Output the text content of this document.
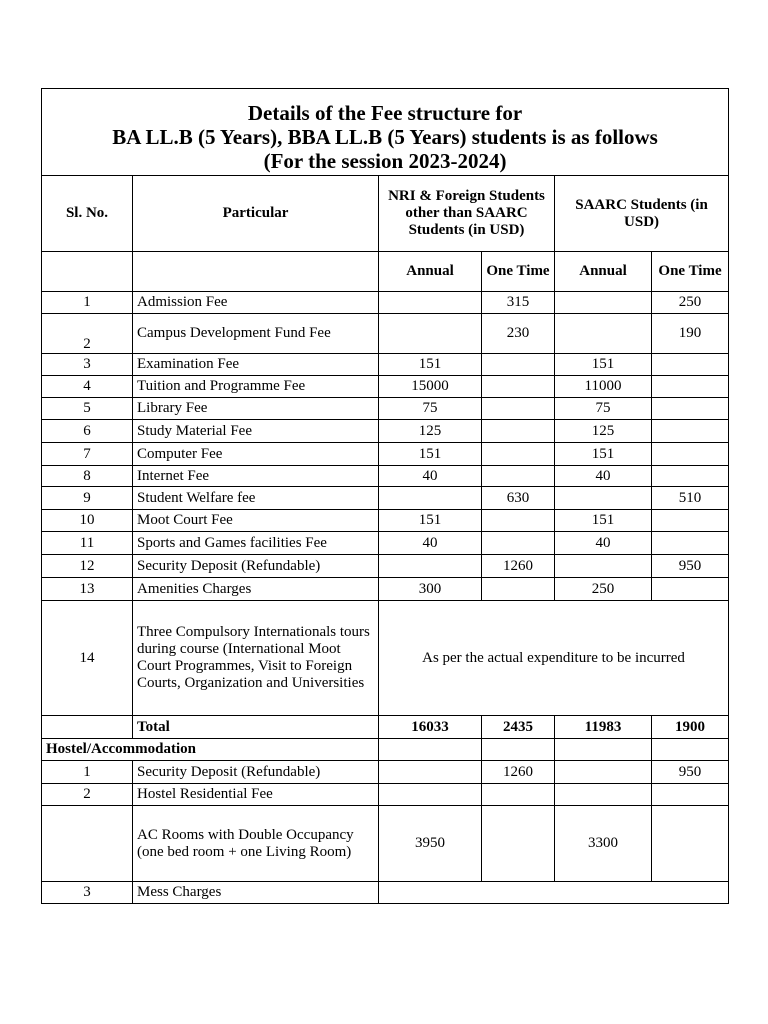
Details of the Fee structure for
BA LL.B (5 Years), BBA LL.B (5 Years) students is as follows
(For the session 2023-2024)					

Sl. No.	Particular	NRI & Foreign Students other than SAARC Students (in USD)		SAARC Students (in USD)	
		Annual	One Time	Annual	One Time
1	Admission Fee		315		250
2	Campus Development Fund Fee		230		190
3	Examination Fee	151		151	
4	Tuition and Programme Fee	15000		11000	
5	Library Fee	75		75	
6	Study Material Fee	125		125	
7	Computer Fee	151		151	
8	Internet Fee	40		40	
9	Student Welfare fee		630		510
10	Moot Court Fee	151		151	
11	Sports and Games facilities Fee	40		40	
12	Security Deposit (Refundable)		1260		950
13	Amenities Charges	300		250	
14	Three Compulsory Internationals tours during course (International Moot Court Programmes, Visit to Foreign Courts, Organization and Universities	As per the actual expenditure to be incurred			
	Total	16033	2435	11983	1900
Hostel/Accommodation					
1	Security Deposit (Refundable)		1260		950
2	Hostel Residential Fee				

	AC Rooms with Double Occupancy
(one bed room + one Living Room)	3950		3300	
3	Mess Charges				
